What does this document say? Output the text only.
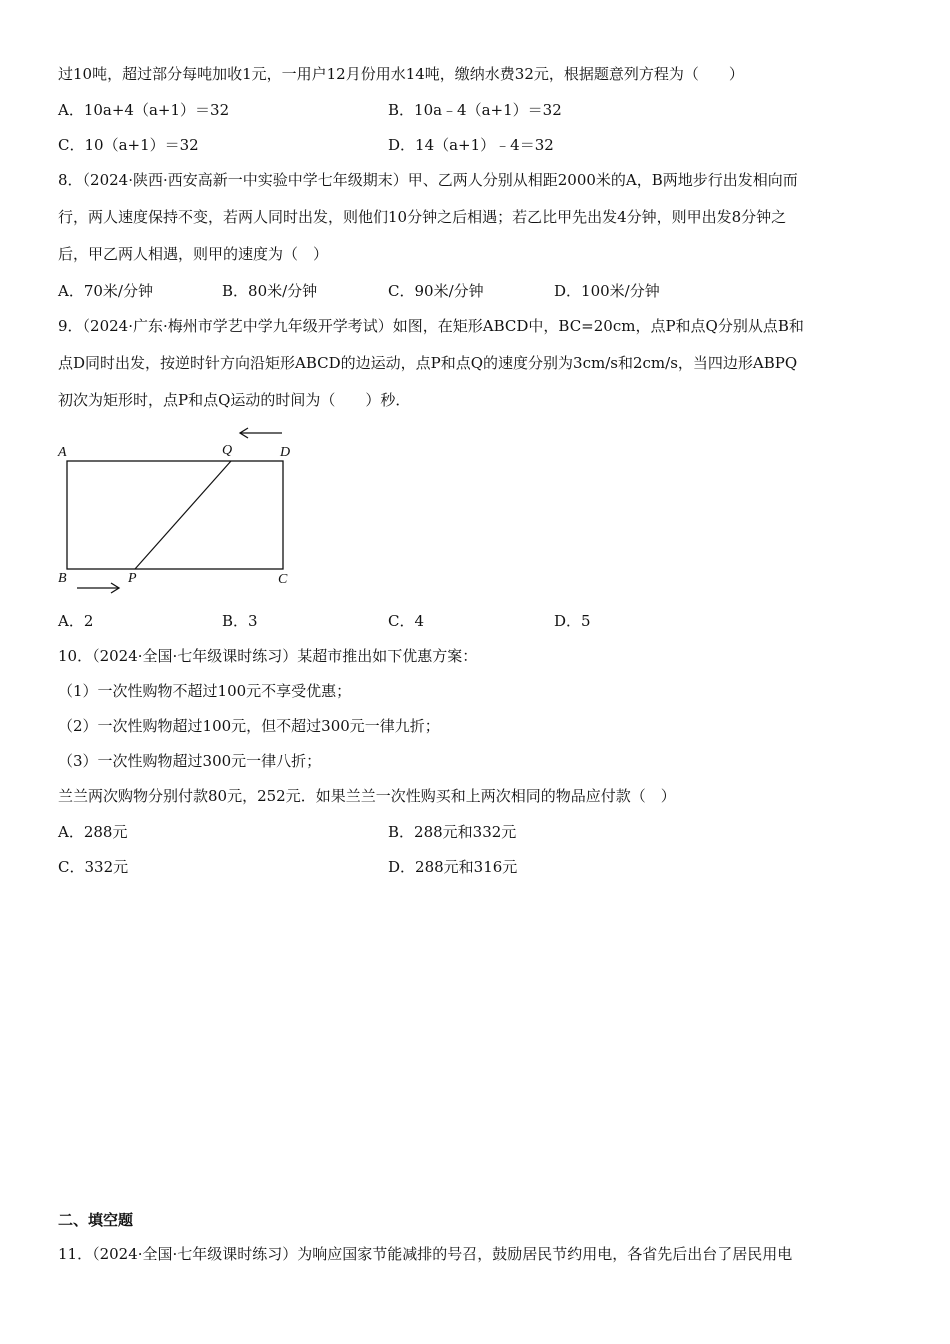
过10吨，超过部分每吨加收1元，一用户12月份用水14吨，缴纳水费32元，根据题意列方程为（　　）
A．10a+4（a+1）＝32	B．10a﹣4（a+1）＝32
C．10（a+1）＝32	D．14（a+1）﹣4＝32
8．（2024·陕西·西安高新一中实验中学七年级期末）甲、乙两人分别从相距2000米的A，B两地步行出发相向而
行，两人速度保持不变，若两人同时出发，则他们10分钟之后相遇；若乙比甲先出发4分钟，则甲出发8分钟之
后，甲乙两人相遇，则甲的速度为（　）
A．70米/分钟	B．80米/分钟	C．90米/分钟	D．100米/分钟
9．（2024·广东·梅州市学艺中学九年级开学考试）如图，在矩形ABCD中，BC=20cm，点P和点Q分别从点B和
点D同时出发，按逆时针方向沿矩形ABCD的边运动，点P和点Q的速度分别为3cm/s和2cm/s，当四边形ABPQ
初次为矩形时，点P和点Q运动的时间为（　　）秒．
A	Q	D
B	P	C
A．2	B．3	C．4	D．5
10．（2024·全国·七年级课时练习）某超市推出如下优惠方案：
（1）一次性购物不超过100元不享受优惠；
（2）一次性购物超过100元，但不超过300元一律九折；
（3）一次性购物超过300元一律八折；
兰兰两次购物分别付款80元，252元．如果兰兰一次性购买和上两次相同的物品应付款（　）
A．288元	B．288元和332元
C．332元	D．288元和316元
二、填空题
11．（2024·全国·七年级课时练习）为响应国家节能减排的号召，鼓励居民节约用电，各省先后出台了居民用电
